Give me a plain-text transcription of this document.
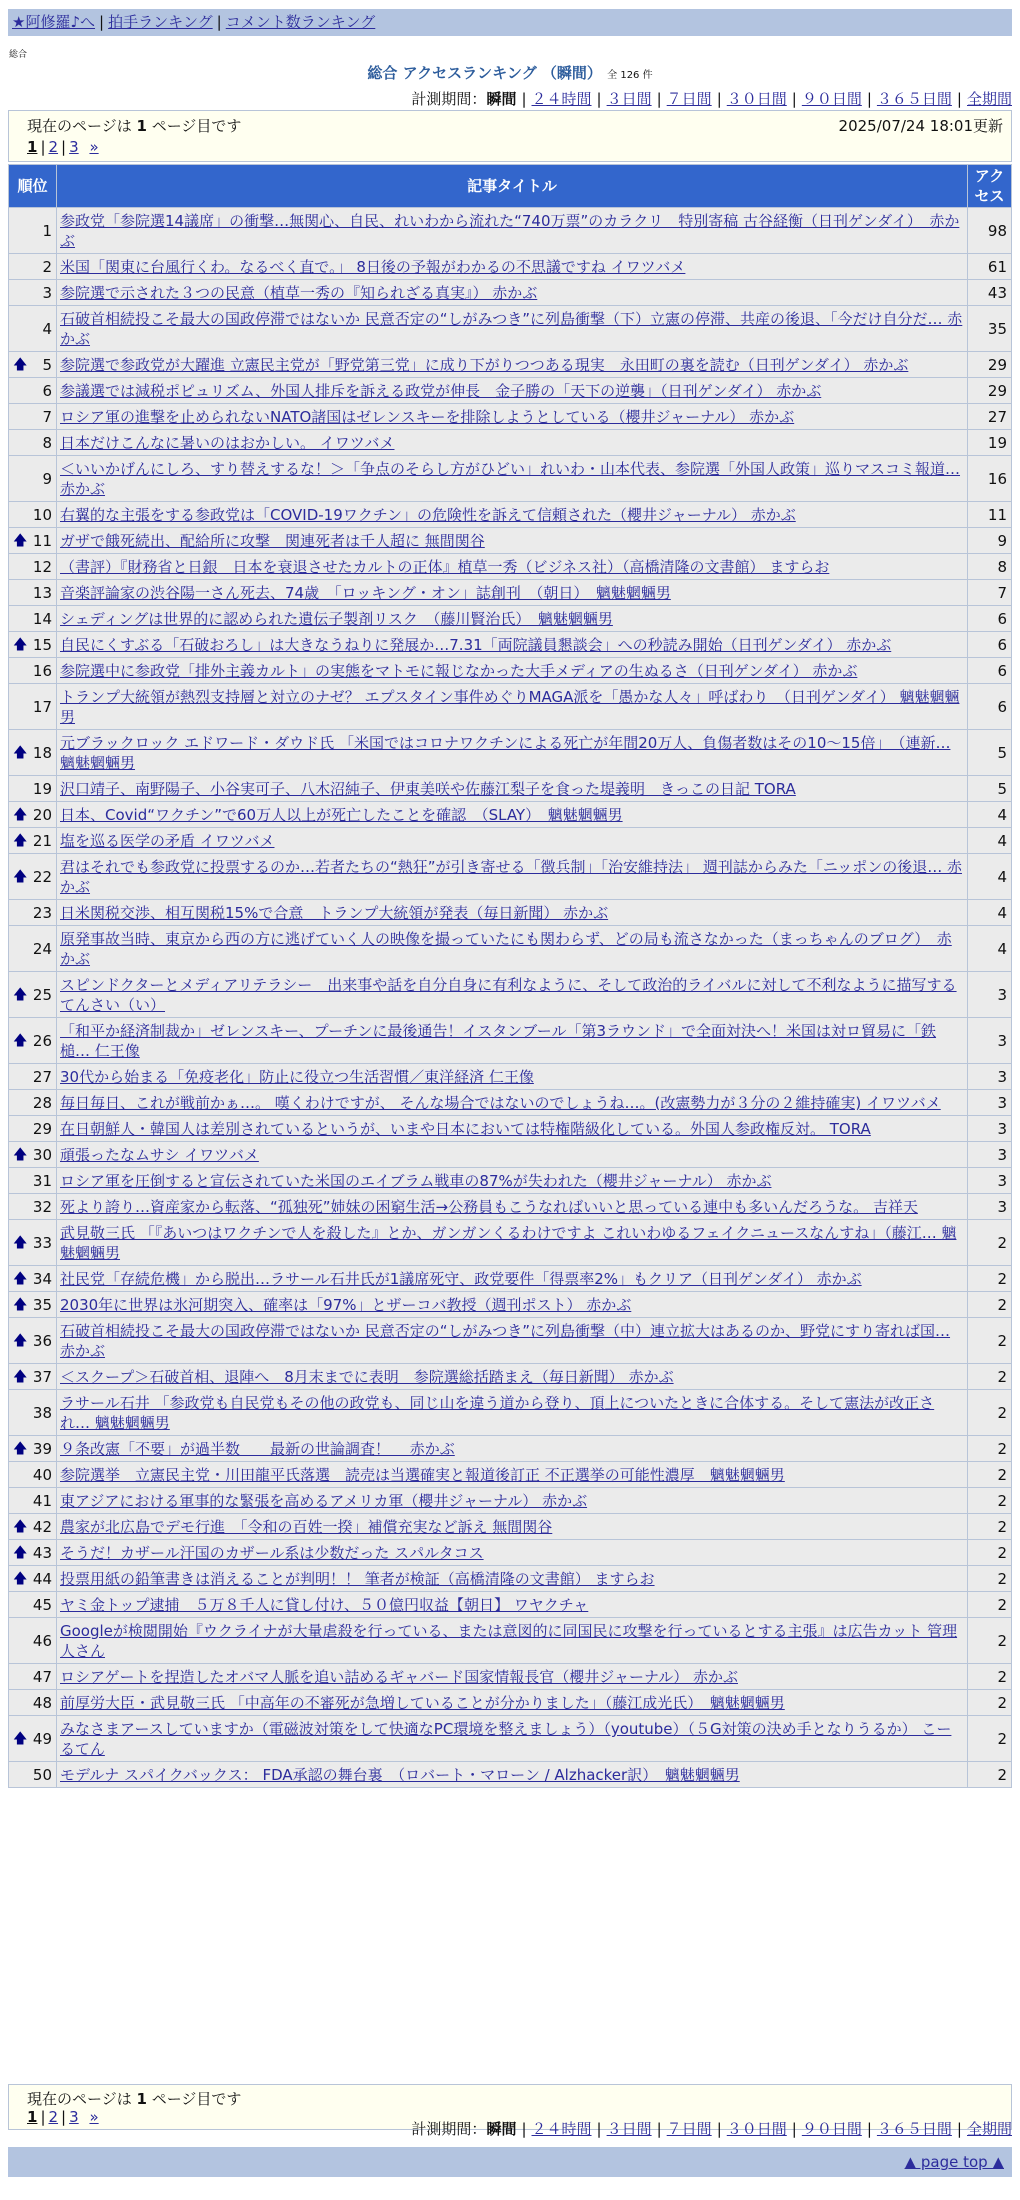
★阿修羅♪へ | 拍手ランキング | コメント数ランキング
総合
総合 アクセスランキング （瞬間） 全 126 件
計測期間：瞬間 | ２４時間 | ３日間 | ７日間 | ３０日間 | ９０日間 | ３６５日間 | 全期間
現在のページは 1 ページ目です	2025/07/24 18:01更新
1 | 2 | 3 »
順位	記事タイトル	アクセス
1	参政党「参院選14議席」の衝撃…無関心、自民、れいわから流れた“740万票”のカラクリ　特別寄稿 古谷経衡（日刊ゲンダイ）　赤かぶ	98
2	米国「関東に台風行くわ。なるべく直で。」 8日後の予報がわかるの不思議ですね イワツバメ	61
3	参院選で示された３つの民意（植草一秀の『知られざる真実』） 赤かぶ	43
4	石破首相続投こそ最大の国政停滞ではないか 民意否定の“しがみつき”に列島衝撃（下）立憲の停滞、共産の後退、「今だけ自分だ… 赤かぶ	35

🡅 5	参院選で参政党が大躍進 立憲民主党が「野党第三党」に成り下がりつつある現実　永田町の裏を読む（日刊ゲンダイ） 赤かぶ	29
6	参議選では減税ポピュリズム、外国人排斥を訴える政党が伸長　金子勝の「天下の逆襲」（日刊ゲンダイ） 赤かぶ	29
7	ロシア軍の進撃を止められないNATO諸国はゼレンスキーを排除しようとしている（櫻井ジャーナル） 赤かぶ	27
8	日本だけこんなに暑いのはおかしい。 イワツバメ	19
9	＜いいかげんにしろ、すり替えするな！＞「争点のそらし方がひどい」れいわ・山本代表、参院選「外国人政策」巡りマスコミ報道… 赤かぶ	16
10	右翼的な主張をする参政党は「COVID-19ワクチン」の危険性を訴えて信頼された（櫻井ジャーナル） 赤かぶ	11

🡅 11	ガザで餓死続出、配給所に攻撃　関連死者は千人超に 無間関谷	9
12	（書評）『財務省と日銀　日本を衰退させたカルトの正体』植草一秀（ビジネス社）（高橋清隆の文書館） ますらお	8
13	音楽評論家の渋谷陽一さん死去、74歳　「ロッキング・オン」誌創刊　（朝日）　魑魅魍魎男	7
14	シェディングは世界的に認められた遺伝子製剤リスク　（藤川賢治氏）　魑魅魍魎男	6

🡅 15	自民にくすぶる「石破おろし」は大きなうねりに発展か…7.31「両院議員懇談会」への秒読み開始（日刊ゲンダイ） 赤かぶ	6
16	参院選中に参政党「排外主義カルト」の実態をマトモに報じなかった大手メディアの生ぬるさ（日刊ゲンダイ） 赤かぶ	6
17	トランプ大統領が熱烈支持層と対立のナゼ？ エプスタイン事件めぐりMAGA派を「愚かな人々」呼ばわり　（日刊ゲンダイ） 魑魅魍魎男	6

🡅 18	元ブラックロック エドワード・ダウド氏 「米国ではコロナワクチンによる死亡が年間20万人、負傷者数はその10～15倍」　（連新… 魑魅魍魎男	5
19	沢口靖子、南野陽子、小谷実可子、八木沼純子、伊東美咲や佐藤江梨子を食った堤義明　きっこの日記 TORA	5

🡅 20	日本、Covid“ワクチン”で60万人以上が死亡したことを確認　（SLAY）　魑魅魍魎男	4

🡅 21	塩を巡る医学の矛盾 イワツバメ	4

🡅 22	君はそれでも参政党に投票するのか…若者たちの“熱狂”が引き寄せる「徴兵制」「治安維持法」 週刊誌からみた「ニッポンの後退… 赤かぶ	4
23	日米関税交渉、相互関税15%で合意　トランプ大統領が発表（毎日新聞） 赤かぶ	4
24	原発事故当時、東京から西の方に逃げていく人の映像を撮っていたにも関わらず、どの局も流さなかった（まっちゃんのブログ）　赤かぶ	4

🡅 25	スピンドクターとメディアリテラシー　出来事や話を自分自身に有利なように、そして政治的ライバルに対して不利なように描写する てんさい（い）	3

🡅 26	「和平か経済制裁か」ゼレンスキー、プーチンに最後通告！イスタンブール「第3ラウンド」で全面対決へ！米国は対ロ貿易に「鉄槌… 仁王像	3
27	30代から始まる「免疫老化」防止に役立つ生活習慣／東洋経済 仁王像	3
28	毎日毎日、これが戦前かぁ…。 嘆くわけですが、 そんな場合ではないのでしょうね…。(改憲勢力が３分の２維持確実) イワツバメ	3
29	在日朝鮮人・韓国人は差別されているというが、いまや日本においては特権階級化している。外国人参政権反対。 TORA	3

🡅 30	頑張ったなムサシ イワツバメ	3
31	ロシア軍を圧倒すると宣伝されていた米国のエイブラム戦車の87%が失われた（櫻井ジャーナル） 赤かぶ	3
32	死より誇り…資産家から転落、“孤独死”姉妹の困窮生活→公務員もこうなればいいと思っている連中も多いんだろうな。 吉祥天	3

🡅 33	武見敬三氏 「『あいつはワクチンで人を殺した』とか、ガンガンくるわけですよ これいわゆるフェイクニュースなんすね」（藤江… 魑魅魍魎男	2

🡅 34	社民党「存続危機」から脱出…ラサール石井氏が1議席死守、政党要件「得票率2%」もクリア（日刊ゲンダイ） 赤かぶ	2

🡅 35	2030年に世界は氷河期突入、確率は「97%」とザーコバ教授（週刊ポスト） 赤かぶ	2

🡅 36	石破首相続投こそ最大の国政停滞ではないか 民意否定の“しがみつき”に列島衝撃（中）連立拡大はあるのか、野党にすり寄れば国… 赤かぶ	2

🡅 37	＜スクープ＞石破首相、退陣へ　8月末までに表明　参院選総括踏まえ（毎日新聞） 赤かぶ	2
38	ラサール石井 「参政党も自民党もその他の政党も、同じ山を違う道から登り、頂上についたときに合体する。そして憲法が改正され… 魑魅魍魎男	2

🡅 39	９条改憲「不要」が過半数　　最新の世論調査！　 赤かぶ	2
40	参院選挙　立憲民主党・川田龍平氏落選　読売は当選確実と報道後訂正 不正選挙の可能性濃厚　魑魅魍魎男	2
41	東アジアにおける軍事的な緊張を高めるアメリカ軍（櫻井ジャーナル） 赤かぶ	2

🡅 42	農家が北広島でデモ行進　「令和の百姓一揆」補償充実など訴え 無間関谷	2

🡅 43	そうだ！カザール汗国のカザール系は少数だった スパルタコス	2

🡅 44	投票用紙の鉛筆書きは消えることが判明！！ 筆者が検証（高橋清隆の文書館） ますらお	2
45	ヤミ金トップ逮捕　５万８千人に貸し付け、５０億円収益【朝日】 ワヤクチャ	2
46	Googleが検閲開始『ウクライナが大量虐殺を行っている、または意図的に同国民に攻撃を行っているとする主張』は広告カット 管理人さん	2
47	ロシアゲートを捏造したオバマ人脈を追い詰めるギャバード国家情報長官（櫻井ジャーナル） 赤かぶ	2
48	前厚労大臣・武見敬三氏 「中高年の不審死が急増していることが分かりました」（藤江成光氏）　魑魅魍魎男	2

🡅 49	みなさまアースしていますか（電磁波対策をして快適なPC環境を整えましょう）（youtube）（５G対策の決め手となりうるか） こーるてん	2
50	モデルナ スパイクバックス： FDA承認の舞台裏　（ロバート・マローン / Alzhacker訳）　魑魅魍魎男	2
現在のページは 1 ページ目です
1 | 2 | 3 »
計測期間：瞬間 | ２４時間 | ３日間 | ７日間 | ３０日間 | ９０日間 | ３６５日間 | 全期間
▲ page top ▲
